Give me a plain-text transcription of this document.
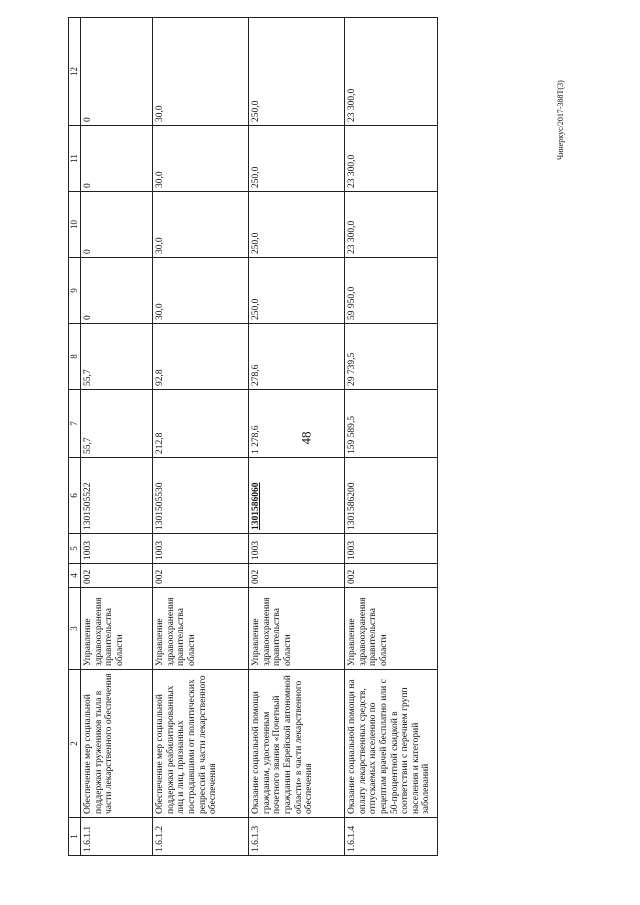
48
Чинеркус/2017-388Т(3)
1	2	3	4	5	6	7	8	9	10	11	12
1.6.1.1	Обеспечение мер социальной поддержки тружеников тыла в части лекарственного обеспечения	Управление здравоохранения правительства области	002	1003	1301505522	55,7	55,7	0	0	0	0
1.6.1.2	Обеспечение мер социальной поддержки реабилитированных лиц и лиц, признанных пострадавшими от политических репрессий в части лекарственного обеспечения	Управление здравоохранения правительства области	002	1003	1301505530	212,8	92,8	30,0	30,0	30,0	30,0
1.6.1.3	Оказание социальной помощи гражданам, удостоенным почетного звания «Почетный гражданин Еврейской автономной области» в части лекарственного обеспечения	Управление здравоохранения правительства области	002	1003	1301586060	1 278,6	278,6	250,0	250,0	250,0	250,0
1.6.1.4	Оказание социальной помощи на оплату лекарственных средств, отпускаемых населению по рецептам врачей бесплатно или с 50-процентной скидкой в соответствии с перечнем групп населения и категорий заболеваний	Управление здравоохранения правительства области	002	1003	1301586200	159 589,5	29 739,5	59 950,0	23 300,0	23 300,0	23 300,0
